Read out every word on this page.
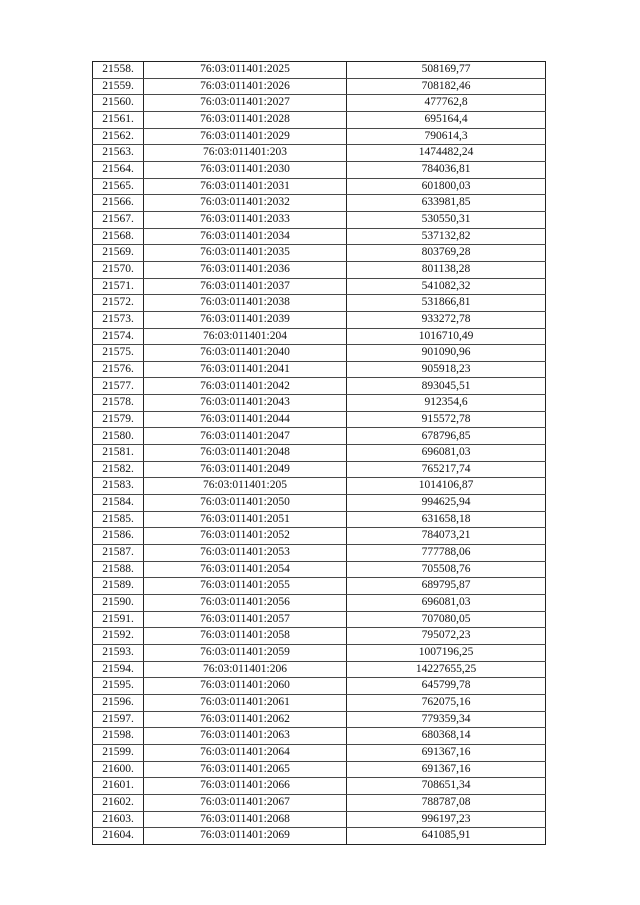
21558.	76:03:011401:2025	508169,77
21559.	76:03:011401:2026	708182,46
21560.	76:03:011401:2027	477762,8
21561.	76:03:011401:2028	695164,4
21562.	76:03:011401:2029	790614,3
21563.	76:03:011401:203	1474482,24
21564.	76:03:011401:2030	784036,81
21565.	76:03:011401:2031	601800,03
21566.	76:03:011401:2032	633981,85
21567.	76:03:011401:2033	530550,31
21568.	76:03:011401:2034	537132,82
21569.	76:03:011401:2035	803769,28
21570.	76:03:011401:2036	801138,28
21571.	76:03:011401:2037	541082,32
21572.	76:03:011401:2038	531866,81
21573.	76:03:011401:2039	933272,78
21574.	76:03:011401:204	1016710,49
21575.	76:03:011401:2040	901090,96
21576.	76:03:011401:2041	905918,23
21577.	76:03:011401:2042	893045,51
21578.	76:03:011401:2043	912354,6
21579.	76:03:011401:2044	915572,78
21580.	76:03:011401:2047	678796,85
21581.	76:03:011401:2048	696081,03
21582.	76:03:011401:2049	765217,74
21583.	76:03:011401:205	1014106,87
21584.	76:03:011401:2050	994625,94
21585.	76:03:011401:2051	631658,18
21586.	76:03:011401:2052	784073,21
21587.	76:03:011401:2053	777788,06
21588.	76:03:011401:2054	705508,76
21589.	76:03:011401:2055	689795,87
21590.	76:03:011401:2056	696081,03
21591.	76:03:011401:2057	707080,05
21592.	76:03:011401:2058	795072,23
21593.	76:03:011401:2059	1007196,25
21594.	76:03:011401:206	14227655,25
21595.	76:03:011401:2060	645799,78
21596.	76:03:011401:2061	762075,16
21597.	76:03:011401:2062	779359,34
21598.	76:03:011401:2063	680368,14
21599.	76:03:011401:2064	691367,16
21600.	76:03:011401:2065	691367,16
21601.	76:03:011401:2066	708651,34
21602.	76:03:011401:2067	788787,08
21603.	76:03:011401:2068	996197,23
21604.	76:03:011401:2069	641085,91
